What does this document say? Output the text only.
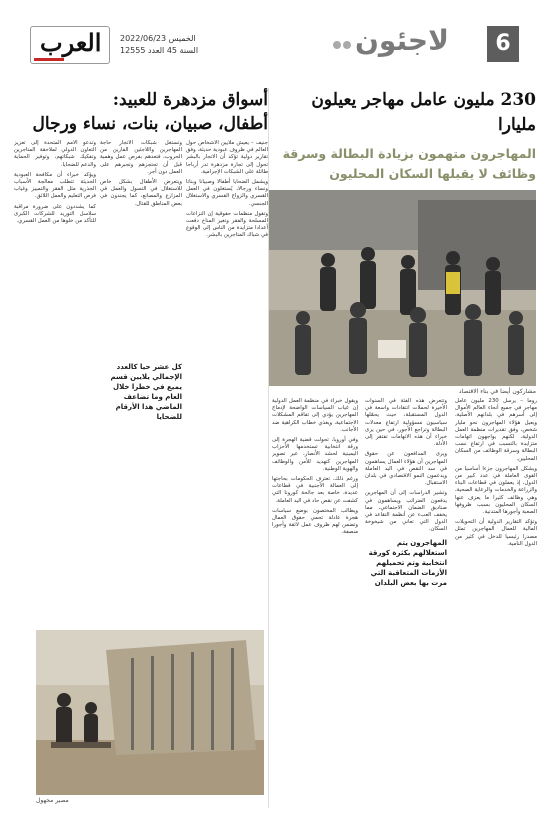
العرب الخميس 2022/06/23
السنة 45 العدد 12555	لاجئون	6
230 مليون عامل مهاجر يعيلون مليارا
المهاجرون متهمون بزيادة البطالة وسرقة وظائف لا يقبلها السكان المحليون
مشاركون أيضا في بناء الاقتصاد

روما – يرسل 230 مليون عامل مهاجر في جميع أنحاء العالم الأموال إلى أسرهم في بلدانهم الأصلية، ويعيل هؤلاء المهاجرون نحو مليار شخص، وفق تقديرات منظمة العمل الدولية، لكنهم يواجهون اتهامات متزايدة بالتسبب في ارتفاع نسب البطالة وسرقة الوظائف من السكان المحليين.

ويشكل المهاجرون جزءا أساسيا من القوى العاملة في عدد كبير من الدول، إذ يعملون في قطاعات البناء والزراعة والخدمات والرعاية الصحية، وهي وظائف كثيرا ما يعزف عنها السكان المحليون بسبب ظروفها الصعبة وأجورها المتدنية.

وتؤكد التقارير الدولية أن التحويلات المالية للعمال المهاجرين تمثل مصدرا رئيسيا للدخل في كثير من الدول النامية.

وتتعرض هذه الفئة في السنوات الأخيرة لحملات انتقادات واسعة في الدول المستقبلة، حيث يحمّلها سياسيون مسؤولية ارتفاع معدلات البطالة وتراجع الأجور، في حين يرى خبراء أن هذه الاتهامات تفتقر إلى الأدلة.

ويرى المدافعون عن حقوق المهاجرين أن هؤلاء العمال يساهمون في سد النقص في اليد العاملة ويدعمون النمو الاقتصادي في بلدان الاستقبال.

وتشير الدراسات إلى أن المهاجرين يدفعون الضرائب ويساهمون في صناديق الضمان الاجتماعي، مما يخفف العبء عن أنظمة التقاعد في الدول التي تعاني من شيخوخة السكان.

المهاجرون يتم استغلالهم بكثرة كورقة انتخابية وتم تحميلهم الأزمات المتعاقبة التي مرت بها بعض البلدان

ويقول خبراء في منظمة العمل الدولية إن غياب السياسات الواضحة لإدماج المهاجرين يؤدي إلى تفاقم المشكلات الاجتماعية، ويغذي خطاب الكراهية ضد الأجانب.

وفي أوروبا، تحولت قضية الهجرة إلى ورقة انتخابية تستخدمها الأحزاب اليمينية لحشد الأنصار، عبر تصوير المهاجرين كتهديد للأمن والوظائف والهوية الوطنية.

ورغم ذلك، تعترف الحكومات بحاجتها إلى العمالة الأجنبية في قطاعات عديدة، خاصة بعد جائحة كورونا التي كشفت عن نقص حاد في اليد العاملة.

ويطالب المختصون بوضع سياسات هجرة عادلة تحمي حقوق العمال وتضمن لهم ظروف عمل لائقة وأجورا منصفة.

أسواق مزدهرة للعبيد:
أطفال، صبيان، بنات، نساء ورجال

جنيف – يعيش ملايين الأشخاص حول العالم في ظروف عبودية حديثة، وفق تقارير دولية تؤكد أن الاتجار بالبشر تحول إلى تجارة مزدهرة تدر أرباحا طائلة على الشبكات الإجرامية.

ويشمل الضحايا أطفالا وصبيانا وبناتا ونساء ورجالا، يُستغلون في العمل القسري والزواج القسري والاستغلال الجنسي.

وتقول منظمات حقوقية إن النزاعات المسلحة والفقر وتغير المناخ دفعت أعدادا متزايدة من الناس إلى الوقوع في شباك المتاجرين بالبشر.

وتستغل شبكات الاتجار حاجة المهاجرين واللاجئين الفارين من الحروب، فتعدهم بفرص عمل وهمية قبل أن تحتجزهم وتجبرهم على العمل دون أجر.

ويتعرض الأطفال بشكل خاص للاستغلال في التسول والعمل في المزارع والمصانع، كما يجندون في بعض المناطق للقتال.

كل عشر حيا كالعدد الإجمالي يلايين قسم يميع في خطرا خلال العام وما تضاعف الماضي هذا الأرقام للضحايا

وتدعو الأمم المتحدة إلى تعزيز التعاون الدولي لملاحقة المتاجرين وتفكيك شبكاتهم، وتوفير الحماية والدعم للضحايا.

ويؤكد خبراء أن مكافحة العبودية الحديثة تتطلب معالجة الأسباب الجذرية مثل الفقر والتمييز وغياب فرص التعليم والعمل اللائق.

كما يشددون على ضرورة مراقبة سلاسل التوريد للشركات الكبرى للتأكد من خلوها من العمل القسري.

مصير مجهول
